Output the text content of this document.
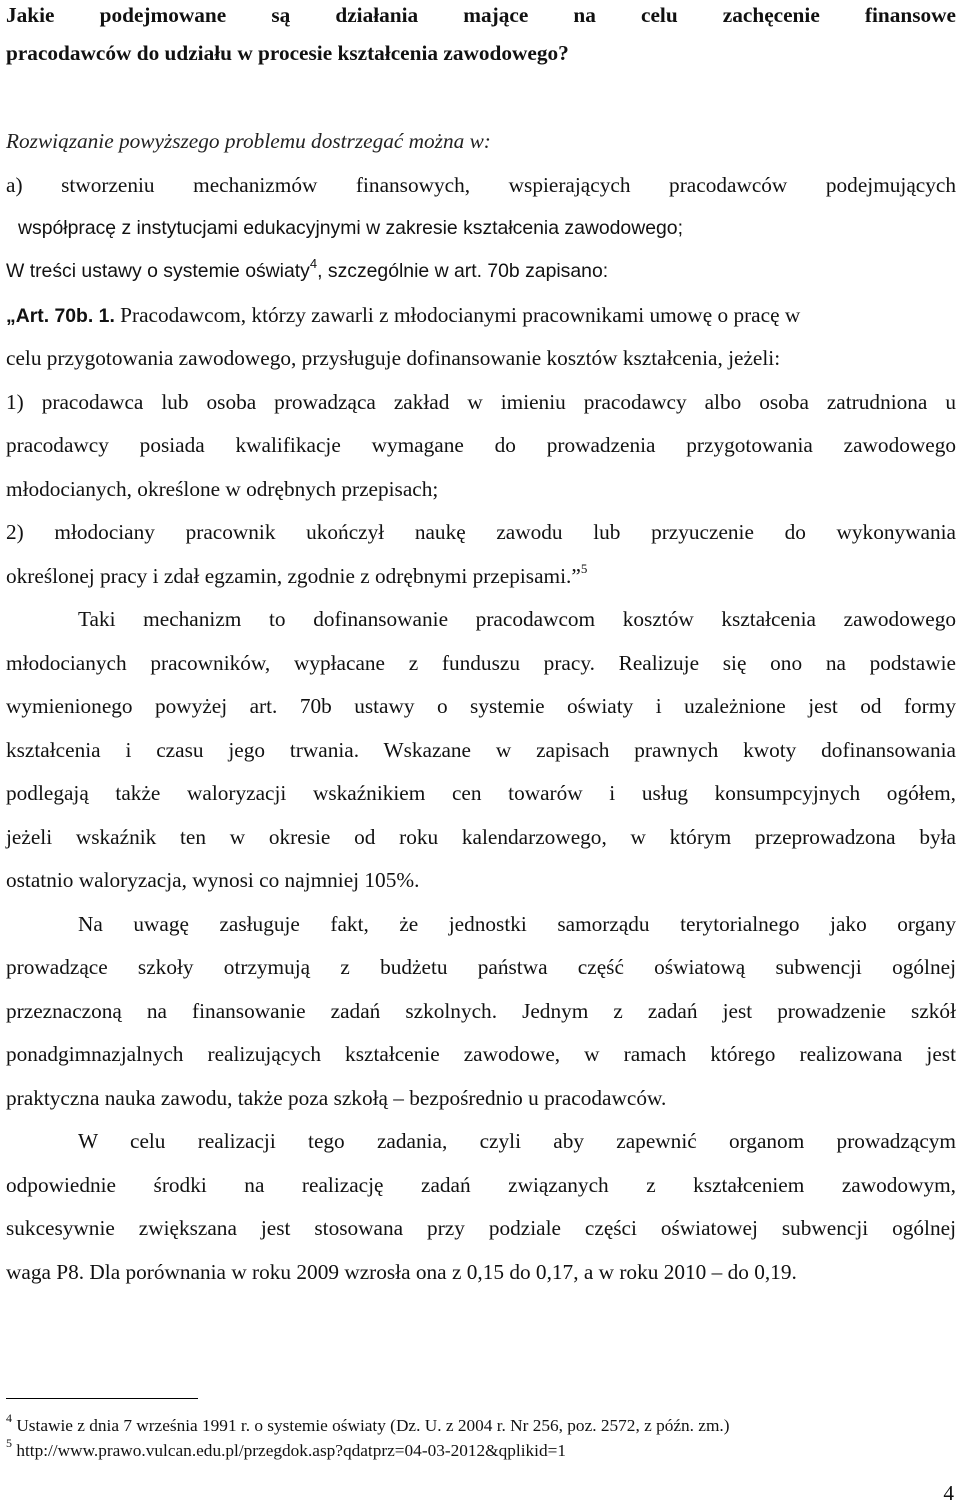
Jakie podejmowane są działania mające na celu zachęcenie finansowe
pracodawców do udziału w procesie kształcenia zawodowego?
Rozwiązanie powyższego problemu dostrzegać można w:
a) stworzeniu mechanizmów finansowych, wspierających pracodawców podejmujących
współpracę z instytucjami edukacyjnymi w zakresie kształcenia zawodowego;
W treści ustawy o systemie oświaty$^4$, szczególnie w art. 70b zapisano:
„Art. 70b. 1. Pracodawcom, którzy zawarli z młodocianymi pracownikami umowę o pracę w
celu przygotowania zawodowego, przysługuje dofinansowanie kosztów kształcenia, jeżeli:
1) pracodawca lub osoba prowadząca zakład w imieniu pracodawcy albo osoba zatrudniona u
pracodawcy posiada kwalifikacje wymagane do prowadzenia przygotowania zawodowego
młodocianych, określone w odrębnych przepisach;
2) młodociany pracownik ukończył naukę zawodu lub przyuczenie do wykonywania
określonej pracy i zdał egzamin, zgodnie z odrębnymi przepisami.”$^5$
Taki mechanizm to dofinansowanie pracodawcom kosztów kształcenia zawodowego
młodocianych pracowników, wypłacane z funduszu pracy. Realizuje się ono na podstawie
wymienionego powyżej art. 70b ustawy o systemie oświaty i uzależnione jest od formy
kształcenia i czasu jego trwania. Wskazane w zapisach prawnych kwoty dofinansowania
podlegają także waloryzacji wskaźnikiem cen towarów i usług konsumpcyjnych ogółem,
jeżeli wskaźnik ten w okresie od roku kalendarzowego, w którym przeprowadzona była
ostatnio waloryzacja, wynosi co najmniej 105%.
Na uwagę zasługuje fakt, że jednostki samorządu terytorialnego jako organy
prowadzące szkoły otrzymują z budżetu państwa część oświatową subwencji ogólnej
przeznaczoną na finansowanie zadań szkolnych. Jednym z zadań jest prowadzenie szkół
ponadgimnazjalnych realizujących kształcenie zawodowe, w ramach którego realizowana jest
praktyczna nauka zawodu, także poza szkołą – bezpośrednio u pracodawców.
W celu realizacji tego zadania, czyli aby zapewnić organom prowadzącym
odpowiednie środki na realizację zadań związanych z kształceniem zawodowym,
sukcesywnie zwiększana jest stosowana przy podziale części oświatowej subwencji ogólnej
waga P8. Dla porównania w roku 2009 wzrosła ona z 0,15 do 0,17, a w roku 2010 – do 0,19.
$^4$ Ustawie z dnia 7 września 1991 r. o systemie oświaty (Dz. U. z 2004 r. Nr 256, poz. 2572, z późn. zm.)
$^5$ http://www.prawo.vulcan.edu.pl/przegdok.asp?qdatprz=04-03-2012&qplikid=1
4
